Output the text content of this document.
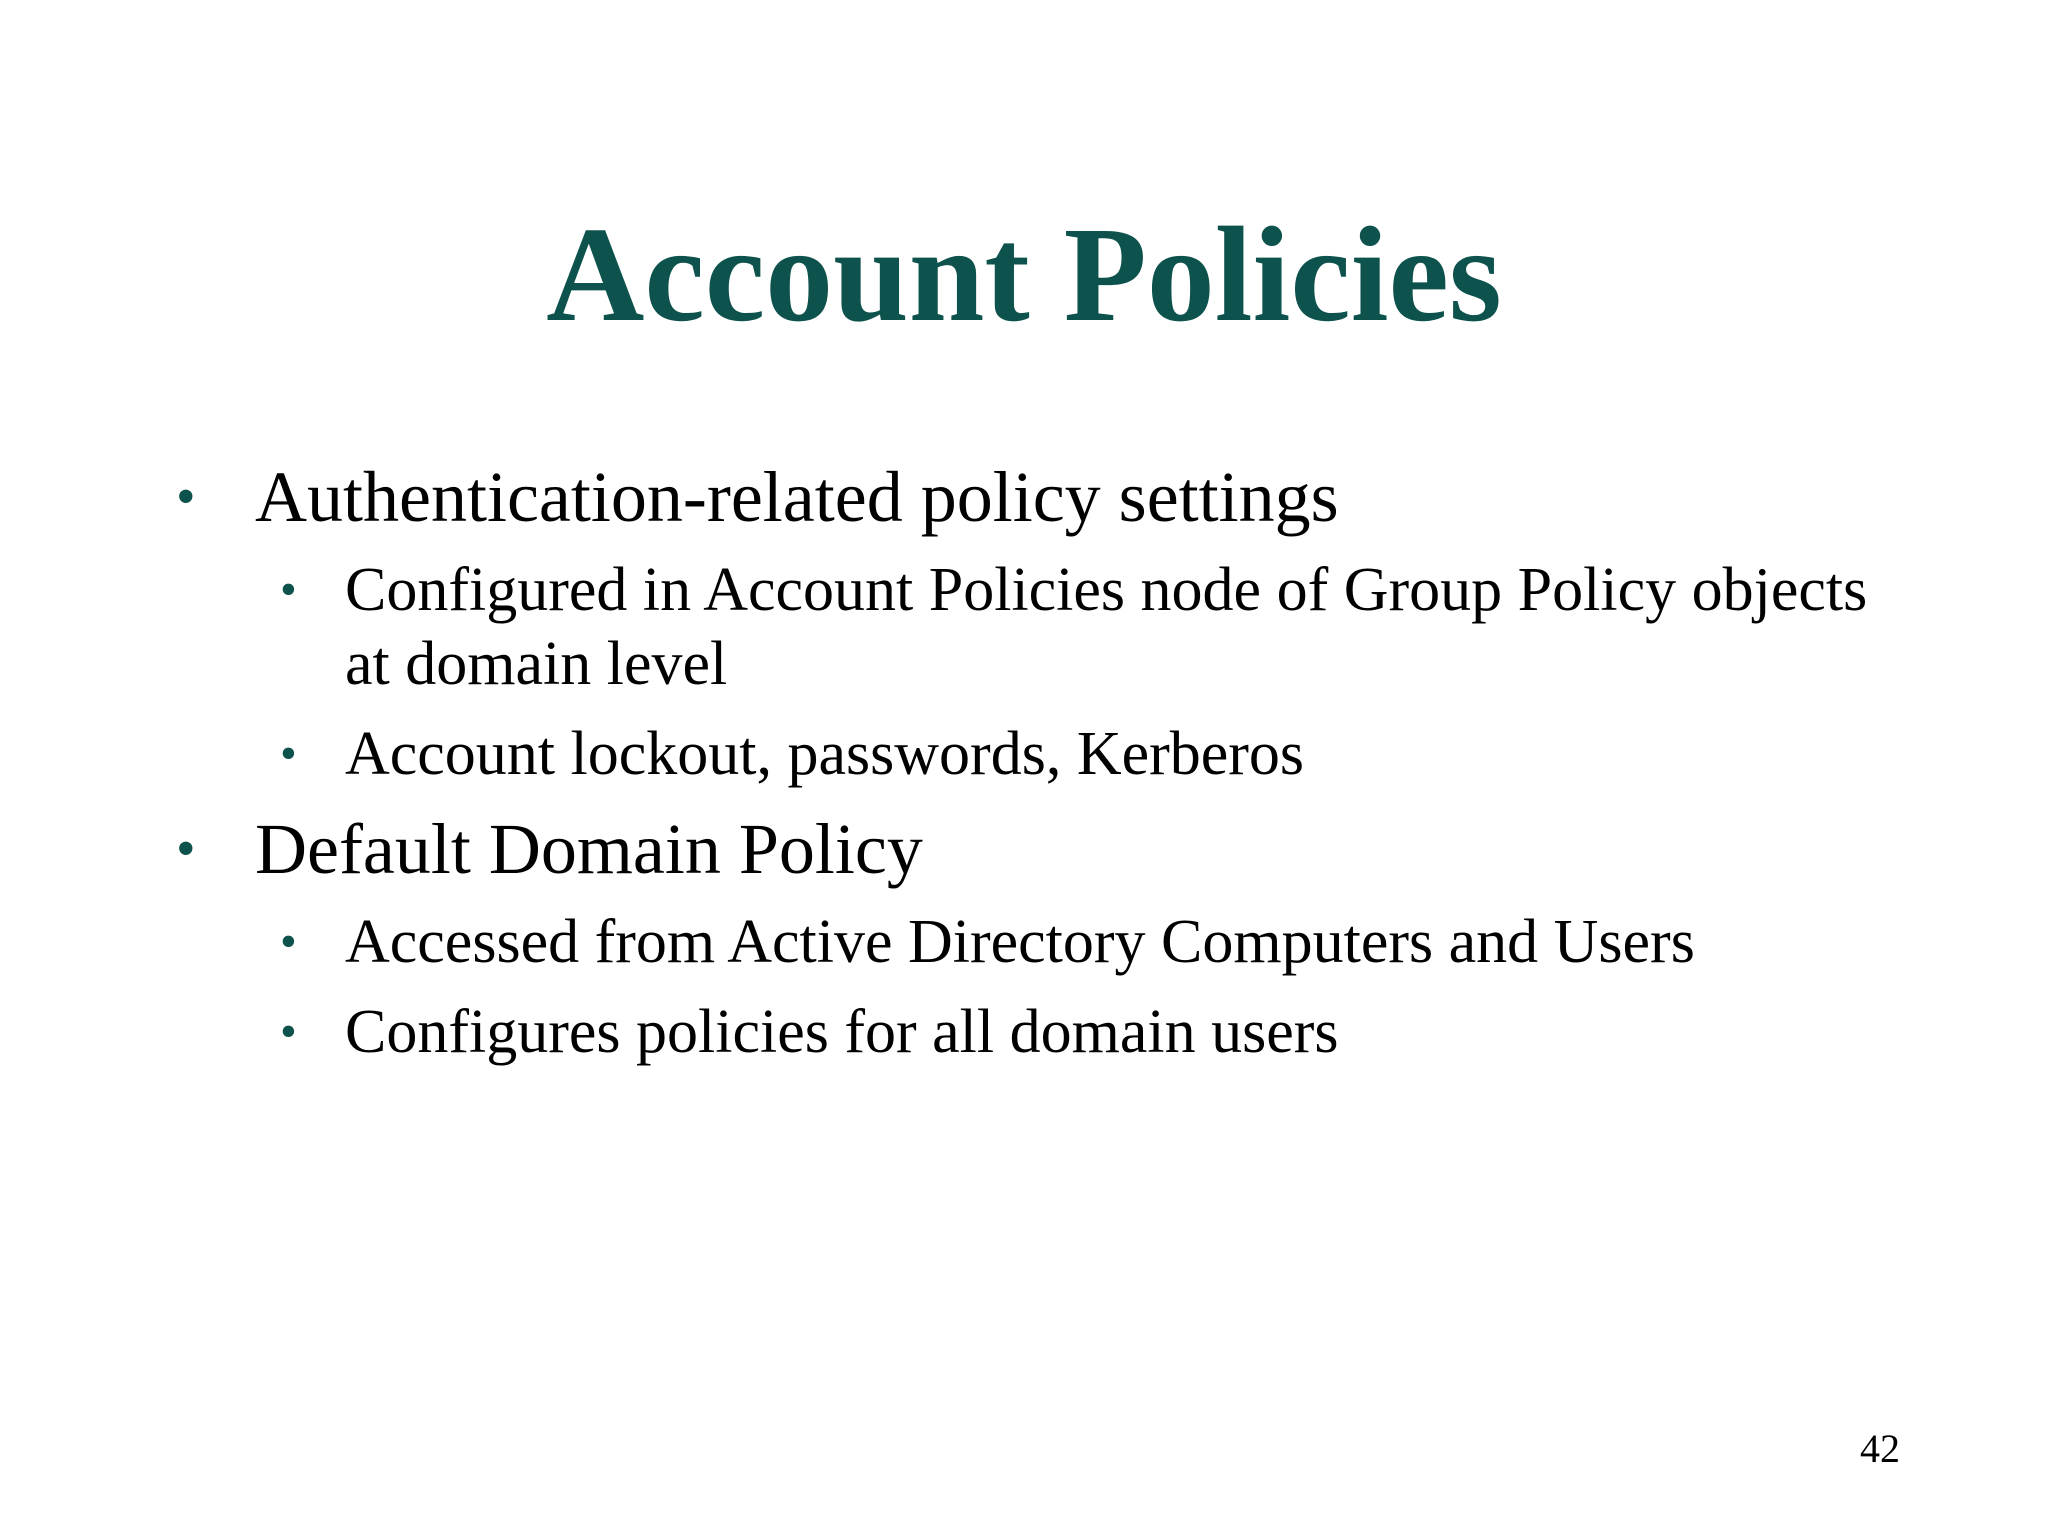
Account Policies
• Authentication-related policy settings
• Configured in Account Policies node of Group Policy objects at domain level
• Account lockout, passwords, Kerberos
• Default Domain Policy
• Accessed from Active Directory Computers and Users
• Configures policies for all domain users
42
